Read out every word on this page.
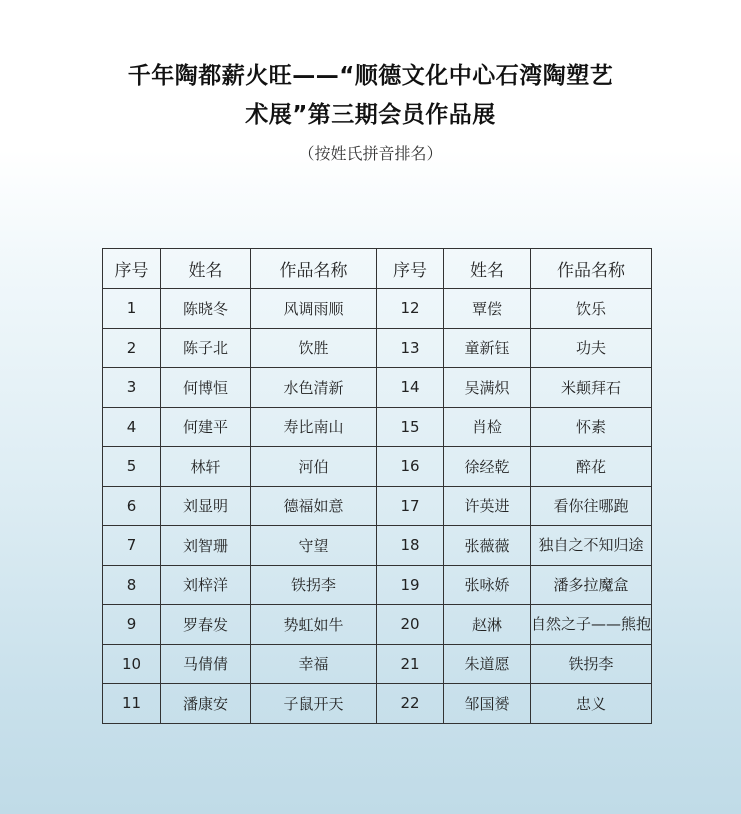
千年陶都薪火旺——“顺德文化中心石湾陶塑艺
术展”第三期会员作品展
（按姓氏拼音排名）
序号	姓名	作品名称	序号	姓名	作品名称
1	陈晓冬	风调雨顺	12	覃偿	饮乐
2	陈子北	饮胜	13	童新钰	功夫
3	何博恒	水色清新	14	吴满炽	米颠拜石
4	何建平	寿比南山	15	肖检	怀素
5	林轩	河伯	16	徐经乾	醉花
6	刘显明	德福如意	17	许英进	看你往哪跑
7	刘智珊	守望	18	张薇薇	独自之不知归途
8	刘梓洋	铁拐李	19	张咏娇	潘多拉魔盒
9	罗春发	势虹如牛	20	赵淋	自然之子——熊抱
10	马倩倩	幸福	21	朱道愿	铁拐李
11	潘康安	子鼠开天	22	邹国赟	忠义
